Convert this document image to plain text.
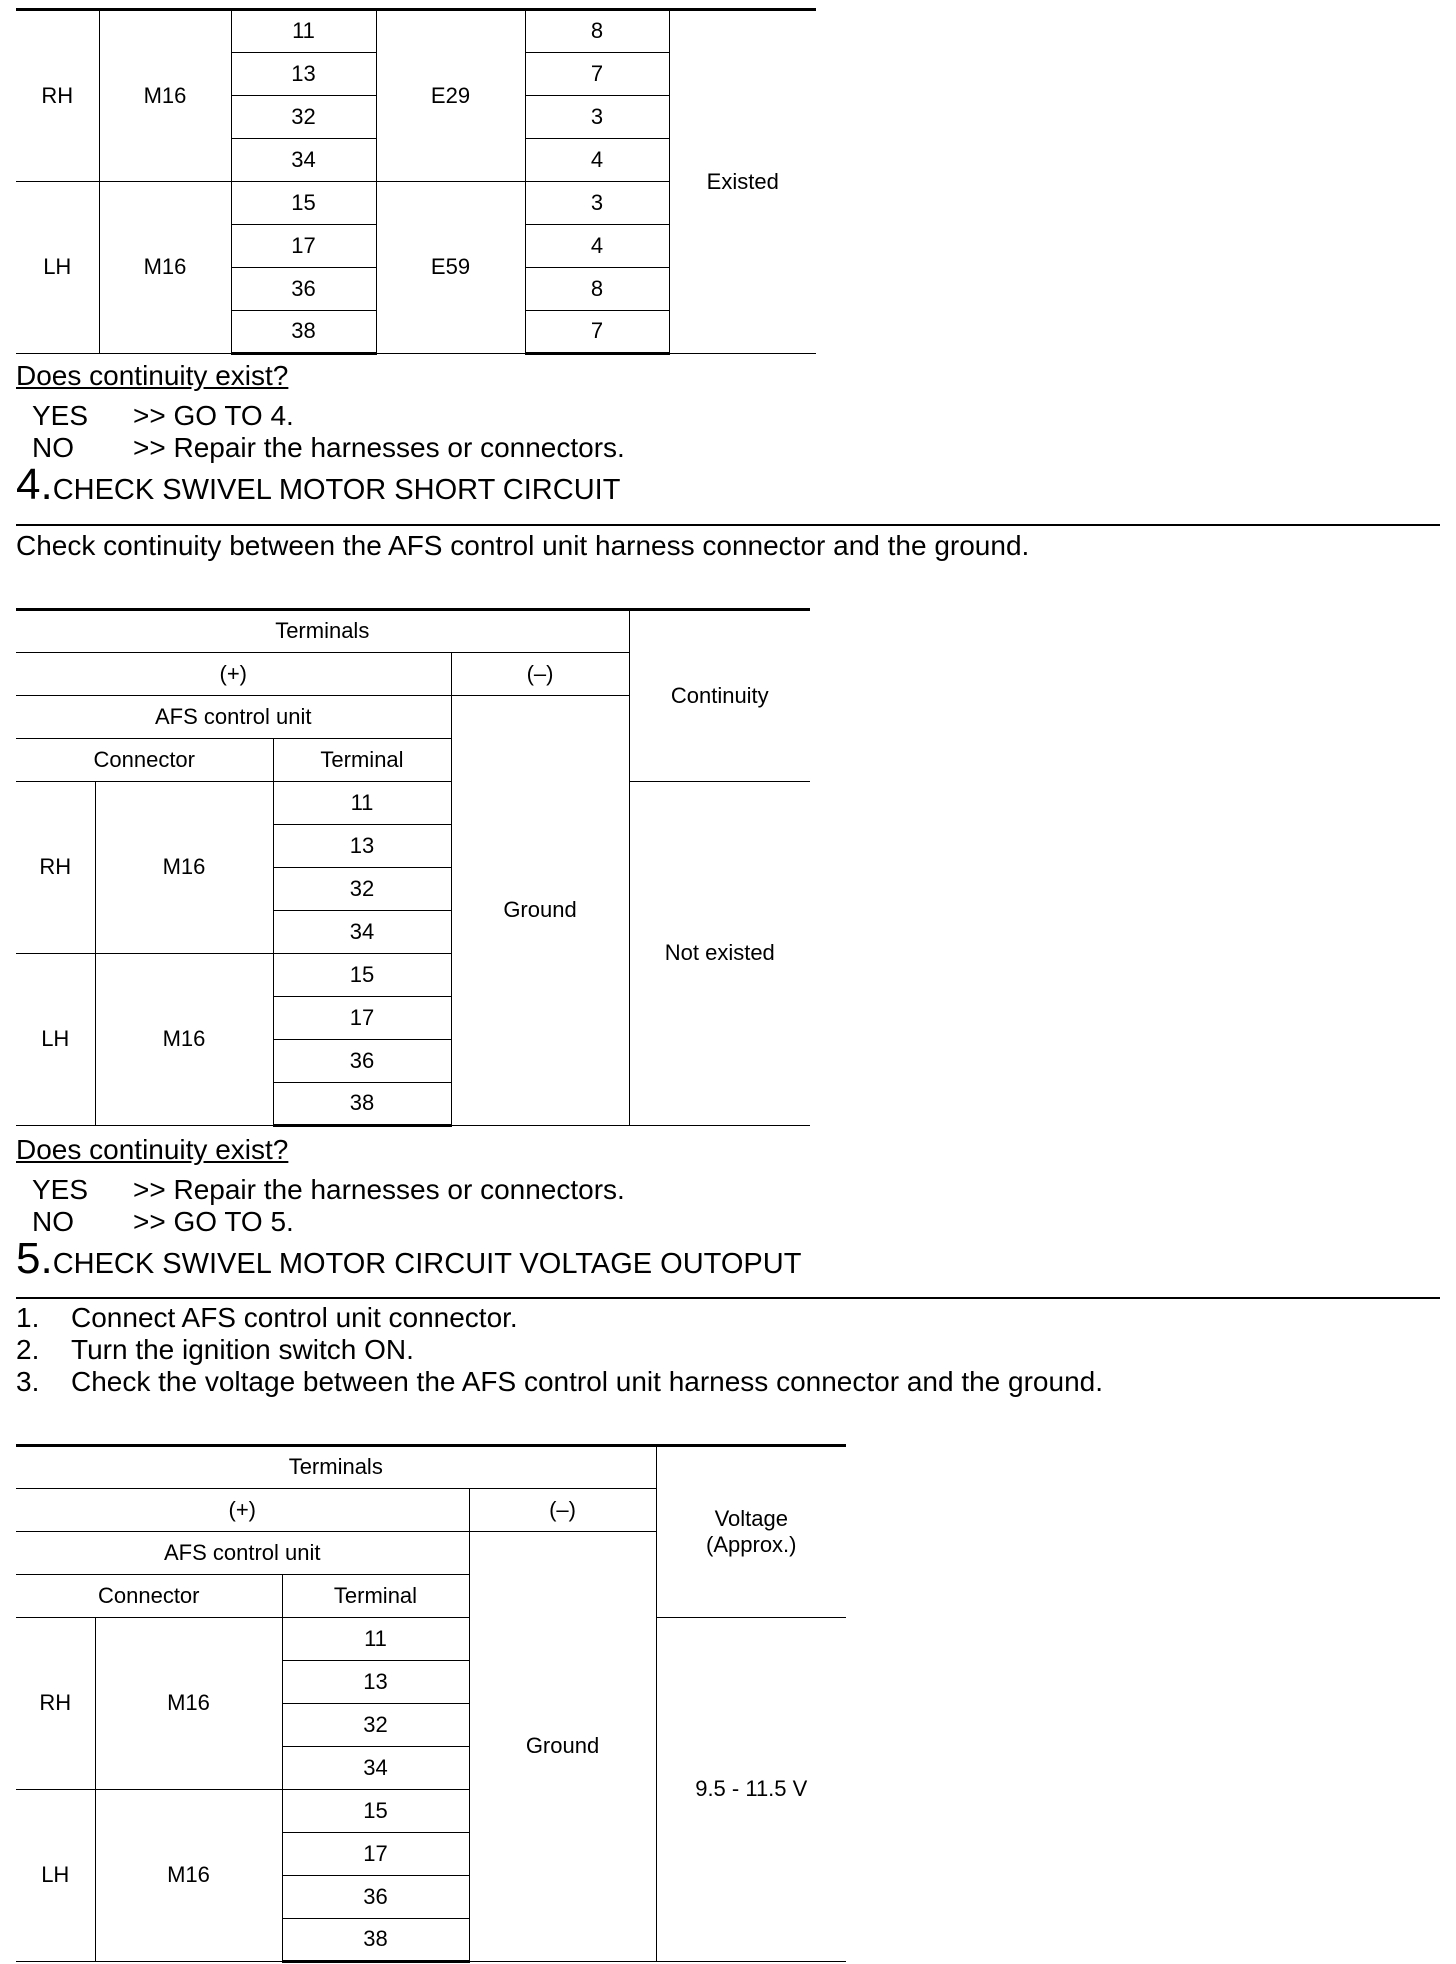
RH	M16	11	E29	8	Existed
		13		7	
		32		3	
		34		4	
LH	M16	15	E59	3	
		17		4	
		36		8	
		38		7	
Does continuity exist?
YES >> GO TO 4.
NO >> Repair the harnesses or connectors.
4.CHECK SWIVEL MOTOR SHORT CIRCUIT
Check continuity between the AFS control unit harness connector and the ground.
Terminals				Continuity
(+)			(–)	
AFS control unit			Ground	
Connector		Terminal		
RH	M16	11		Not existed
		13		
		32		
		34		
LH	M16	15		
		17		
		36		
		38		
Does continuity exist?
YES >> Repair the harnesses or connectors.
NO >> GO TO 5.
5.CHECK SWIVEL MOTOR CIRCUIT VOLTAGE OUTOPUT
1. Connect AFS control unit connector.
2. Turn the ignition switch ON.
3. Check the voltage between the AFS control unit harness connector and the ground.
Terminals				Voltage
(Approx.)

(+)			(–)	
AFS control unit			Ground	
Connector		Terminal		
RH	M16	11		9.5 - 11.5 V
		13		
		32		
		34		
LH	M16	15		
		17		
		36		
		38		
